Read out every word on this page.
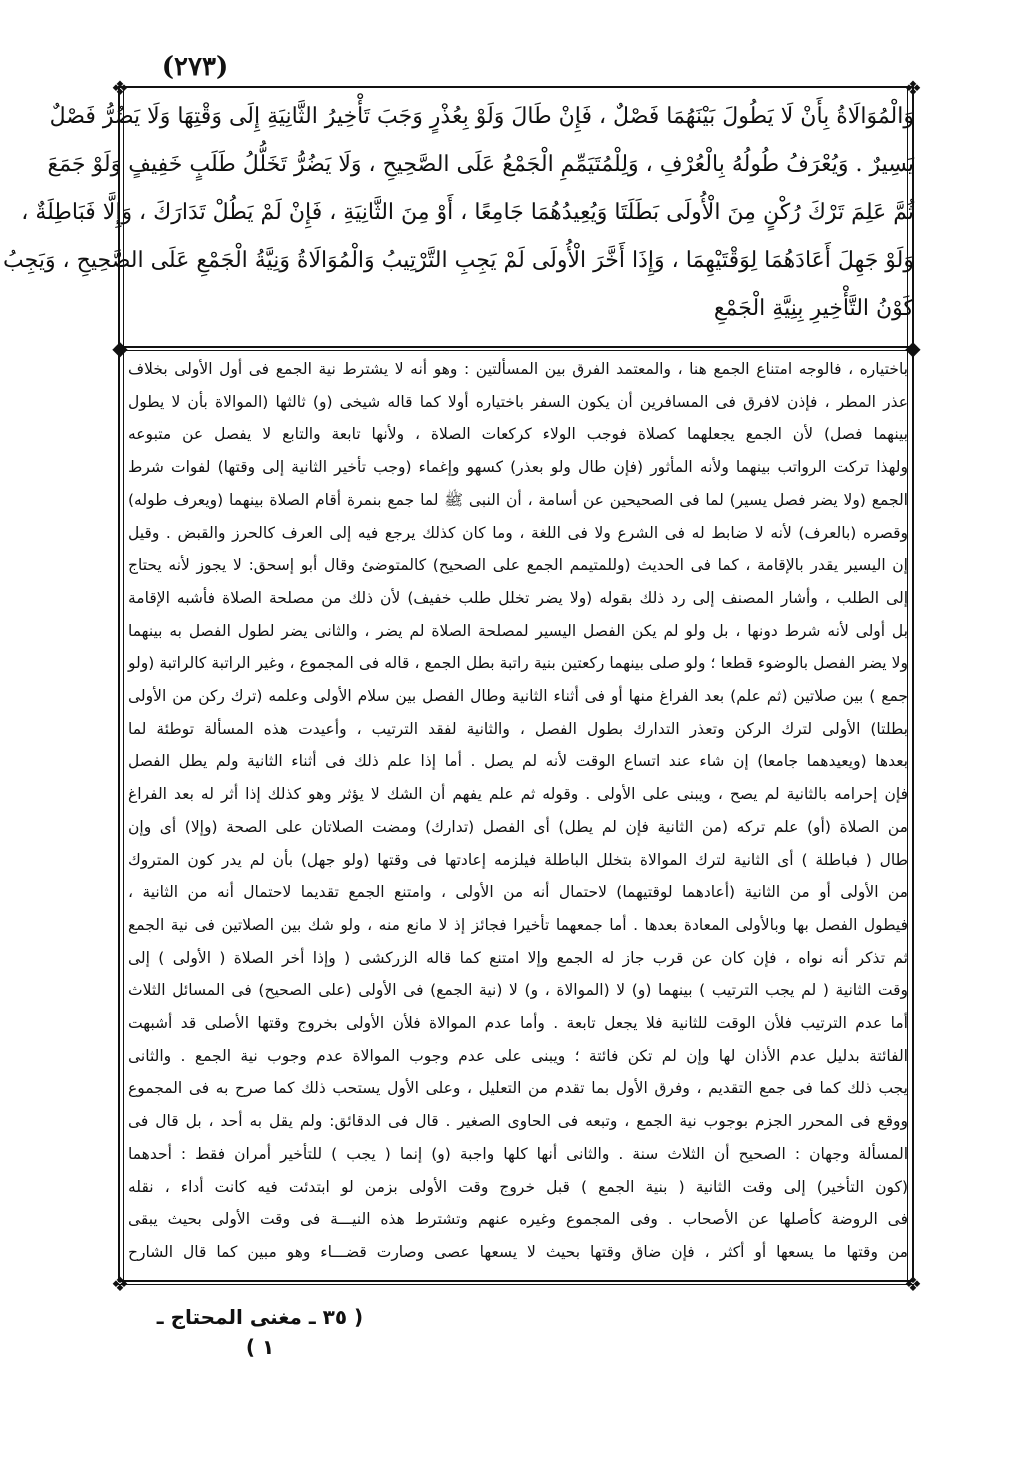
(٢٧٣)
❖	❖
❖	❖
◆	◆
وَالْمُوَالَاةُ بِأَنْ لَا يَطُولَ بَيْنَهُمَا فَصْلٌ ، فَإِنْ طَالَ وَلَوْ بِعُذْرٍ وَجَبَ تَأْخِيرُ الثَّانِيَةِ إِلَى وَقْتِهَا وَلَا يَضُرُّ فَصْلٌ
يَسِيرٌ . وَيُعْرَفُ طُولُهُ بِالْعُرْفِ ، وَلِلْمُتَيَمِّمِ الْجَمْعُ عَلَى الصَّحِيحِ ، وَلَا يَضُرُّ تَخَلُّلُ طَلَبٍ خَفِيفٍ وَلَوْ جَمَعَ
ثُمَّ عَلِمَ تَرْكَ رُكْنٍ مِنَ الْأُولَى بَطَلَتَا وَيُعِيدُهُمَا جَامِعًا ، أَوْ مِنَ الثَّانِيَةِ ، فَإِنْ لَمْ يَطُلْ تَدَارَكَ ، وَإِلَّا فَبَاطِلَةٌ ،
وَلَوْ جَهِلَ أَعَادَهُمَا لِوَقْتَيْهِمَا ، وَإِذَا أَخَّرَ الْأُولَى لَمْ يَجِبِ التَّرْتِيبُ وَالْمُوَالَاةُ وَنِيَّةُ الْجَمْعِ عَلَى الصَّحِيحِ ، وَيَجِبُ
كَوْنُ التَّأْخِيرِ بِنِيَّةِ الْجَمْعِ
باختياره ، فالوجه امتناع الجمع هنا ، والمعتمد الفرق بين المسألتين : وهو أنه لا يشترط نية الجمع فى أول الأولى بخلاف
عذر المطر ، فإذن لافرق فى المسافرين أن يكون السفر باختياره أولا كما قاله شيخى (و) ثالثها (الموالاة بأن لا يطول
بينهما فصل) لأن الجمع يجعلهما كصلاة فوجب الولاء كركعات الصلاة ، ولأنها تابعة والتابع لا يفصل عن متبوعه
ولهذا تركت الرواتب بينهما ولأنه المأثور (فإن طال ولو بعذر) كسهو وإغماء (وجب تأخير الثانية إلى وقتها) لفوات شرط
الجمع (ولا يضر فصل يسير) لما فى الصحيحين عن أسامة ، أن النبى ﷺ لما جمع بنمرة أقام الصلاة بينهما (ويعرف طوله)
وقصره (بالعرف) لأنه لا ضابط له فى الشرع ولا فى اللغة ، وما كان كذلك يرجع فيه إلى العرف كالحرز والقبض . وقيل
إن اليسير يقدر بالإقامة ، كما فى الحديث (وللمتيمم الجمع على الصحيح) كالمتوضئ وقال أبو إسحق: لا يجوز لأنه يحتاج
إلى الطلب ، وأشار المصنف إلى رد ذلك بقوله (ولا يضر تخلل طلب خفيف) لأن ذلك من مصلحة الصلاة فأشبه الإقامة
بل أولى لأنه شرط دونها ، بل ولو لم يكن الفصل اليسير لمصلحة الصلاة لم يضر ، والثانى يضر لطول الفصل به بينهما
ولا يضر الفصل بالوضوء قطعا ؛ ولو صلى بينهما ركعتين بنية راتبة بطل الجمع ، قاله فى المجموع ، وغير الراتبة كالراتبة (ولو
جمع ) بين صلاتين (ثم علم) بعد الفراغ منها أو فى أثناء الثانية وطال الفصل بين سلام الأولى وعلمه (ترك ركن من الأولى
بطلتا) الأولى لترك الركن وتعذر التدارك بطول الفصل ، والثانية لفقد الترتيب ، وأعيدت هذه المسألة توطئة لما
بعدها (ويعيدهما جامعا) إن شاء عند اتساع الوقت لأنه لم يصل . أما إذا علم ذلك فى أثناء الثانية ولم يطل الفصل
فإن إحرامه بالثانية لم يصح ، ويبنى على الأولى . وقوله ثم علم يفهم أن الشك لا يؤثر وهو كذلك إذا أثر له بعد الفراغ
من الصلاة (أو) علم تركه (من الثانية فإن لم يطل) أى الفصل (تدارك) ومضت الصلاتان على الصحة (وإلا) أى وإن
طال ( فباطلة ) أى الثانية لترك الموالاة بتخلل الباطلة فيلزمه إعادتها فى وقتها (ولو جهل) بأن لم يدر كون المتروك
من الأولى أو من الثانية (أعادهما لوقتيهما) لاحتمال أنه من الأولى ، وامتنع الجمع تقديما لاحتمال أنه من الثانية ،
فيطول الفصل بها وبالأولى المعادة بعدها . أما جمعهما تأخيرا فجائز إذ لا مانع منه ، ولو شك بين الصلاتين فى نية الجمع
ثم تذكر أنه نواه ، فإن كان عن قرب جاز له الجمع وإلا امتنع كما قاله الزركشى ( وإذا أخر الصلاة ( الأولى ) إلى
وقت الثانية ( لم يجب الترتيب ) بينهما (و) لا (الموالاة ، و) لا (نية الجمع) فى الأولى (على الصحيح) فى المسائل الثلاث
أما عدم الترتيب فلأن الوقت للثانية فلا يجعل تابعة . وأما عدم الموالاة فلأن الأولى بخروج وقتها الأصلى قد أشبهت
الفائتة بدليل عدم الأذان لها وإن لم تكن فائتة ؛ ويبنى على عدم وجوب الموالاة عدم وجوب نية الجمع . والثانى
يجب ذلك كما فى جمع التقديم ، وفرق الأول بما تقدم من التعليل ، وعلى الأول يستحب ذلك كما صرح به فى المجموع
ووقع فى المحرر الجزم بوجوب نية الجمع ، وتبعه فى الحاوى الصغير . قال فى الدقائق: ولم يقل به أحد ، بل قال فى
المسألة وجهان : الصحيح أن الثلاث سنة . والثانى أنها كلها واجبة (و) إنما ( يجب ) للتأخير أمران فقط : أحدهما
(كون التأخير) إلى وقت الثانية ( بنية الجمع ) قبل خروج وقت الأولى بزمن لو ابتدئت فيه كانت أداء ، نقله
فى الروضة كأصلها عن الأصحاب . وفى المجموع وغيره عنهم وتشترط هذه النيـــة فى وقت الأولى بحيث يبقى
من وقتها ما يسعها أو أكثر ، فإن ضاق وقتها بحيث لا يسعها عصى وصارت قضـــاء وهو مبين كما قال الشارح
( ٣٥ ـ مغنى المحتاج ـ ١ )
